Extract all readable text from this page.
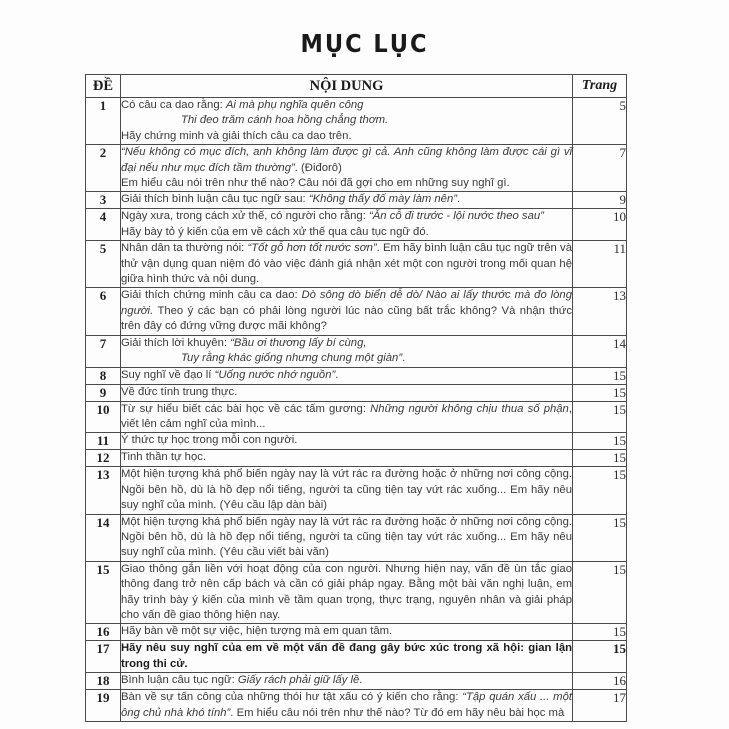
MỤC LỤC
ĐỀ	NỘI DUNG	Trang
1	Có câu ca dao rằng: Ai mà phụ nghĩa quên công
Thi đeo trăm cánh hoa hồng chẳng thơm.
Hãy chứng minh và giải thích câu ca dao trên.	5
2	“Nếu không có mục đích, anh không làm được gì cả. Anh cũng không làm được cái gì vĩ đại nếu như mục đích tầm thường”. (Điđorô)
Em hiểu câu nói trên như thế nào? Câu nói đã gợi cho em những suy nghĩ gì.	7
3	Giải thích bình luận câu tục ngữ sau: “Không thấy đố mày làm nên”.	9
4	Ngày xưa, trong cách xử thế, có người cho rằng: “Ăn cỗ đi trước - lội nước theo sau”
Hãy bày tỏ ý kiến của em về cách xử thế qua câu tục ngữ đó.	10
5	Nhân dân ta thường nói: “Tốt gỗ hơn tốt nước sơn”. Em hãy bình luận câu tục ngữ trên và thử vận dụng quan niệm đó vào việc đánh giá nhận xét một con người trong mối quan hệ giữa hình thức và nội dung.	11
6	Giải thích chứng minh câu ca dao: Dò sông dò biển dễ dò/ Nào ai lấy thước mà đo lòng người. Theo ý các bạn có phải lòng người lúc nào cũng bất trắc không? Và nhận thức trên đây có đứng vững được mãi không?	13
7	Giải thích lời khuyên: “Bầu ơi thương lấy bí cùng,
Tuy rằng khác giống nhưng chung một giàn”.	14
8	Suy nghĩ về đạo lí “Uống nước nhớ nguồn”.	15
9	Về đức tính trung thực.	15
10	Từ sự hiểu biết các bài học về các tấm gương: Những người không chịu thua số phận, viết lên cảm nghĩ của mình...	15
11	Ý thức tự học trong mỗi con người.	15
12	Tinh thần tự học.	15
13	Một hiện tượng khá phổ biến ngày nay là vứt rác ra đường hoặc ở những nơi công cộng. Ngồi bên hồ, dù là hồ đẹp nổi tiếng, người ta cũng tiện tay vứt rác xuống... Em hãy nêu suy nghĩ của mình. (Yêu cầu lập dàn bài)	15
14	Một hiện tượng khá phổ biến ngày nay là vứt rác ra đường hoặc ở những nơi công cộng. Ngồi bên hồ, dù là hồ đẹp nổi tiếng, người ta cũng tiện tay vứt rác xuống... Em hãy nêu suy nghĩ của mình. (Yêu cầu viết bài văn)	15
15	Giao thông gắn liền với hoạt động của con người. Nhưng hiện nay, vấn đề ùn tắc giao thông đang trở nên cấp bách và cần có giải pháp ngay. Bằng một bài văn nghị luận, em hãy trình bày ý kiến của mình về tầm quan trọng, thực trạng, nguyên nhân và giải pháp cho vấn đề giao thông hiện nay.	15
16	Hãy bàn về một sự việc, hiện tượng mà em quan tâm.	15
17	Hãy nêu suy nghĩ của em về một vấn đề đang gây bức xúc trong xã hội: gian lận trong thi cử.	15
18	Bình luận câu tục ngữ: Giấy rách phải giữ lấy lề.	16
19	Bàn về sự tấn công của những thói hư tật xấu có ý kiến cho rằng: “Tập quán xấu ... một ông chủ nhà khó tính”. Em hiểu câu nói trên như thế nào? Từ đó em hãy nêu bài học mà	17
